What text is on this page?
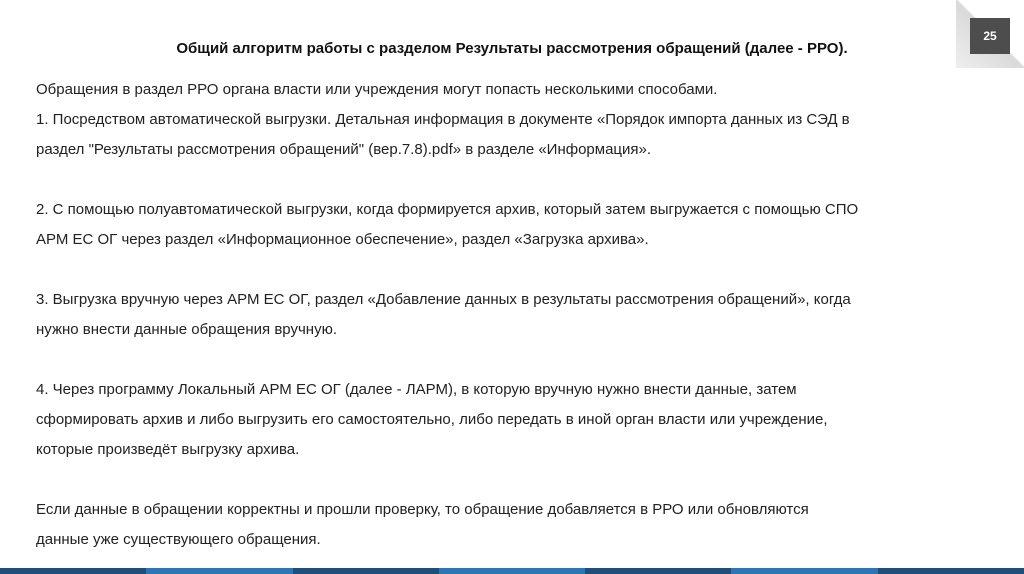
25
Общий алгоритм работы с разделом Результаты рассмотрения обращений (далее - РРО).

Обращения в раздел РРО органа власти или учреждения могут попасть несколькими способами.

1. Посредством автоматической выгрузки. Детальная информация в документе «Порядок импорта данных из СЭД в

раздел "Результаты рассмотрения обращений" (вер.7.8).pdf» в разделе «Информация».

2. С помощью полуавтоматической выгрузки, когда формируется архив, который затем выгружается с помощью СПО

АРМ ЕС ОГ через раздел «Информационное обеспечение», раздел «Загрузка архива».

3. Выгрузка вручную через АРМ ЕС ОГ, раздел «Добавление данных в результаты рассмотрения обращений», когда

нужно внести данные обращения вручную.

4. Через программу Локальный АРМ ЕС ОГ (далее - ЛАРМ), в которую вручную нужно внести данные, затем

сформировать архив и либо выгрузить его самостоятельно, либо передать в иной орган власти или учреждение,

которые произведёт выгрузку архива.

Если данные в обращении корректны и прошли проверку, то обращение добавляется в РРО или обновляются

данные уже существующего обращения.
